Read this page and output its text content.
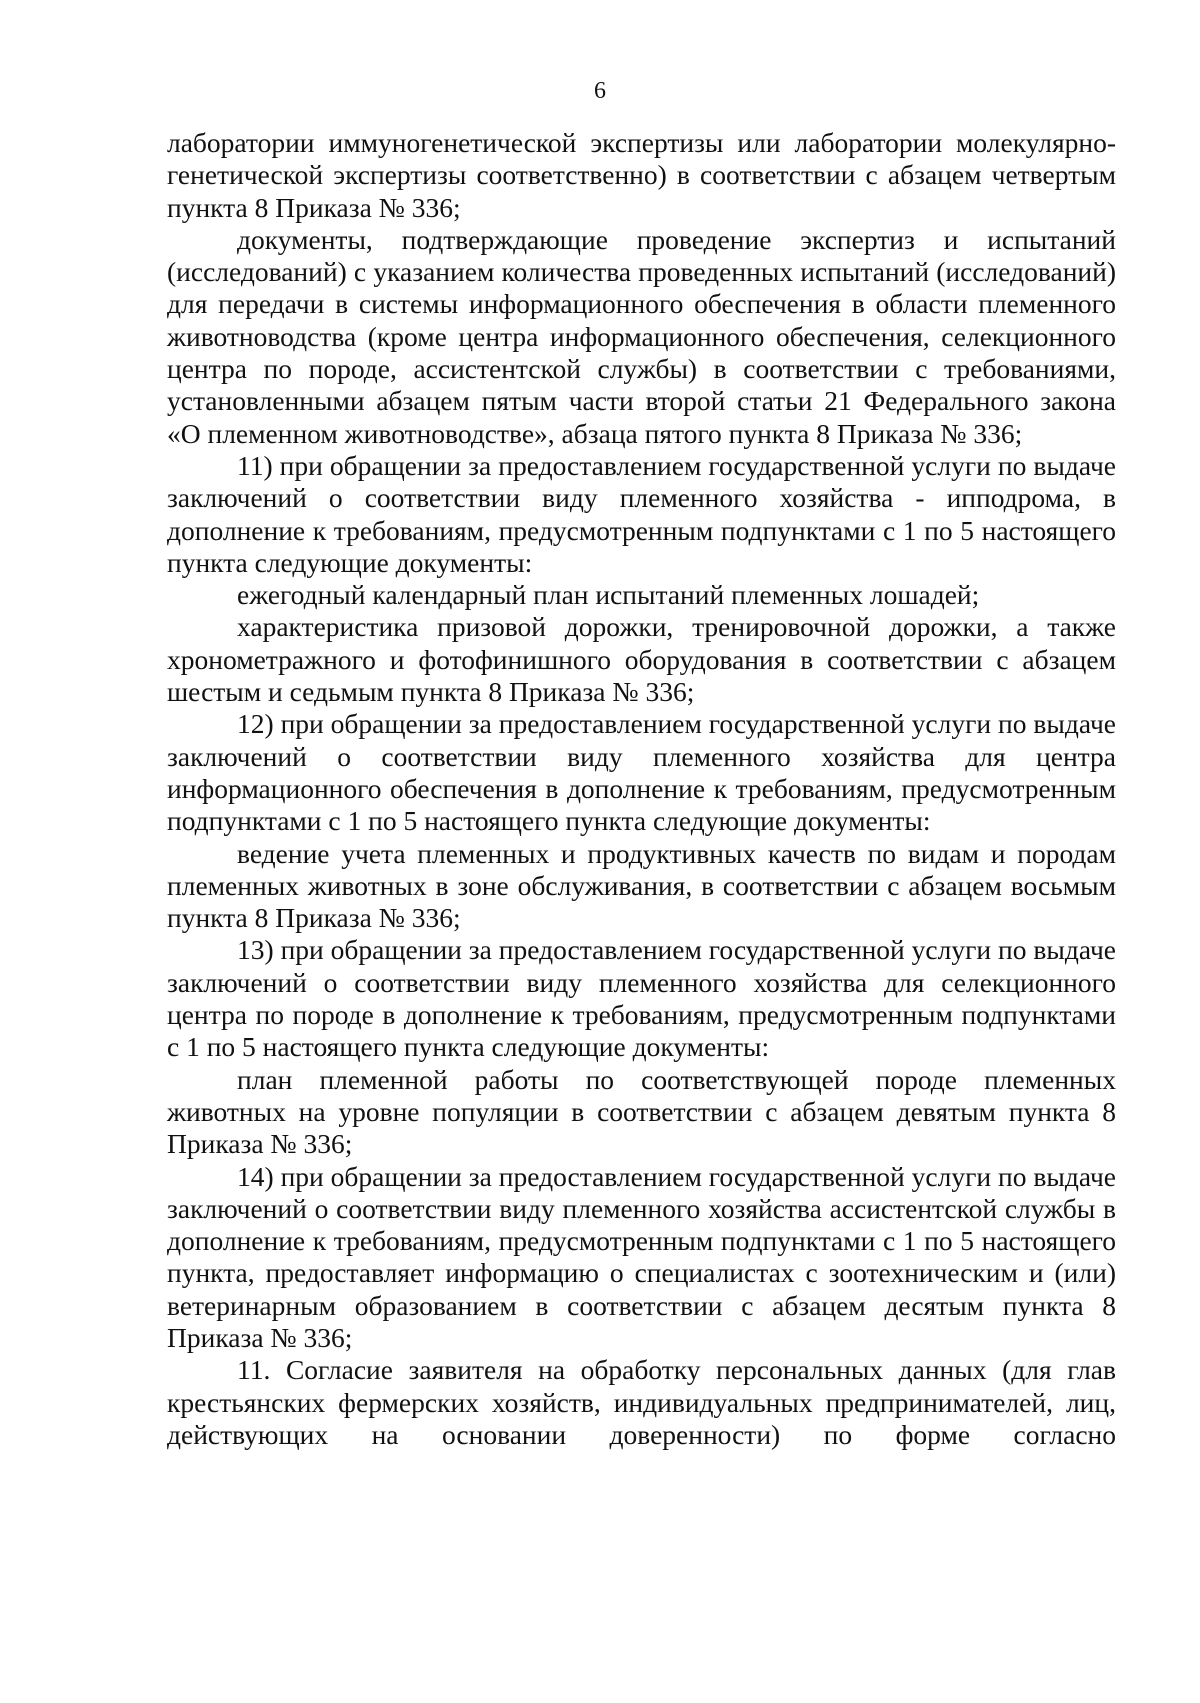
6

лаборатории иммуногенетической экспертизы или лаборатории молекулярно-генетической экспертизы соответственно) в соответствии с абзацем четвертым пункта 8 Приказа № 336;

документы, подтверждающие проведение экспертиз и испытаний (исследований) с указанием количества проведенных испытаний (исследований) для передачи в системы информационного обеспечения в области племенного животноводства (кроме центра информационного обеспечения, селекционного центра по породе, ассистентской службы) в соответствии с требованиями, установленными абзацем пятым части второй статьи 21 Федерального закона «О племенном животноводстве», абзаца пятого пункта 8 Приказа № 336;

11) при обращении за предоставлением государственной услуги по выдаче заключений о соответствии виду племенного хозяйства - ипподрома, в дополнение к требованиям, предусмотренным подпунктами с 1 по 5 настоящего пункта следующие документы:

ежегодный календарный план испытаний племенных лошадей;

характеристика призовой дорожки, тренировочной дорожки, а также хронометражного и фотофинишного оборудования в соответствии с абзацем шестым и седьмым пункта 8 Приказа № 336;

12) при обращении за предоставлением государственной услуги по выдаче заключений о соответствии виду племенного хозяйства для центра информационного обеспечения в дополнение к требованиям, предусмотренным подпунктами с 1 по 5 настоящего пункта следующие документы:

ведение учета племенных и продуктивных качеств по видам и породам племенных животных в зоне обслуживания, в соответствии с абзацем восьмым пункта 8 Приказа № 336;

13) при обращении за предоставлением государственной услуги по выдаче заключений о соответствии виду племенного хозяйства для селекционного центра по породе в дополнение к требованиям, предусмотренным подпунктами с 1 по 5 настоящего пункта следующие документы:

план племенной работы по соответствующей породе племенных животных на уровне популяции в соответствии с абзацем девятым пункта 8 Приказа № 336;

14) при обращении за предоставлением государственной услуги по выдаче заключений о соответствии виду племенного хозяйства ассистентской службы в дополнение к требованиям, предусмотренным подпунктами с 1 по 5 настоящего пункта, предоставляет информацию о специалистах с зоотехническим и (или) ветеринарным образованием в соответствии с абзацем десятым пункта 8 Приказа № 336;

11. Согласие заявителя на обработку персональных данных (для глав крестьянских фермерских хозяйств, индивидуальных предпринимателей, лиц, действующих на основании доверенности) по форме согласно
